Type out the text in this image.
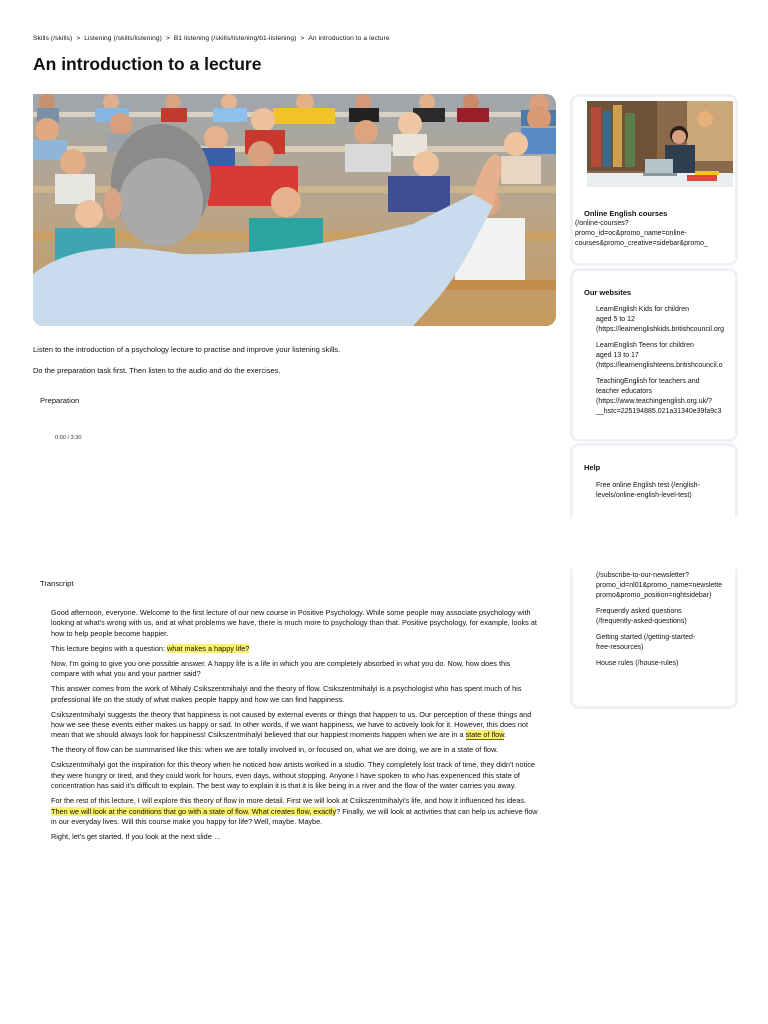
Skills (/skills) > Listening (/skills/listening) > B1 listening (/skills/listening/b1-listening) > An introduction to a lecture
An introduction to a lecture

Listen to the introduction of a psychology lecture to practise and improve your listening skills.

Do the preparation task first. Then listen to the audio and do the exercises.

Preparation
0:00 / 3:30
Transcript

Good afternoon, everyone. Welcome to the first lecture of our new course in Positive Psychology. While some people may associate psychology with looking at what's wrong with us, and at what problems we have, there is much more to psychology than that. Positive psychology, for example, looks at how to help people become happier.

This lecture begins with a question: what makes a happy life?

Now, I'm going to give you one possible answer. A happy life is a life in which you are completely absorbed in what you do. Now, how does this compare with what you and your partner said?

This answer comes from the work of Mihaly Csikszentmihalyi and the theory of flow. Csikszentmihalyi is a psychologist who has spent much of his professional life on the study of what makes people happy and how we can find happiness.

Csikszentmihalyi suggests the theory that happiness is not caused by external events or things that happen to us. Our perception of these things and how we see these events either makes us happy or sad. In other words, if we want happiness, we have to actively look for it. However, this does not mean that we should always look for happiness! Csikszentmihalyi believed that our happiest moments happen when we are in a state of flow.

The theory of flow can be summarised like this: when we are totally involved in, or focused on, what we are doing, we are in a state of flow.

Csikszentmihalyi got the inspiration for this theory when he noticed how artists worked in a studio. They completely lost track of time, they didn't notice they were hungry or tired, and they could work for hours, even days, without stopping. Anyone I have spoken to who has experienced this state of concentration has said it's difficult to explain. The best way to explain it is that it is like being in a river and the flow of the water carries you away.

For the rest of this lecture, I will explore this theory of flow in more detail. First we will look at Csikszentmihalyi's life, and how it influenced his ideas. Then we will look at the conditions that go with a state of flow. What creates flow, exactly? Finally, we will look at activities that can help us achieve flow in our everyday lives. Will this course make you happy for life? Well, maybe. Maybe.

Right, let's get started. If you look at the next slide …

Online English courses
(/online-courses?
promo_id=oc&promo_name=online-
courses&promo_creative=sidebar&promo_
Our websites
LearnEnglish Kids for children
aged 5 to 12
(https://learnenglishkids.britishcouncil.org
LearnEnglish Teens for children
aged 13 to 17
(https://learnenglishteens.britishcouncil.o
TeachingEnglish for teachers and
teacher educators
(https://www.teachingenglish.org.uk/?
__hstc=225194885.021a31340e39fa9c3
Help
Free online English test (/english-
levels/online-english-level-test)
(/subscribe-to-our-newsletter?
promo_id=nl01&promo_name=newslette
promo&promo_position=rightsidebar)
Frequently asked questions
(/frequently-asked-questions)
Getting started (/getting-started-
free-resources)
House rules (/house-rules)
